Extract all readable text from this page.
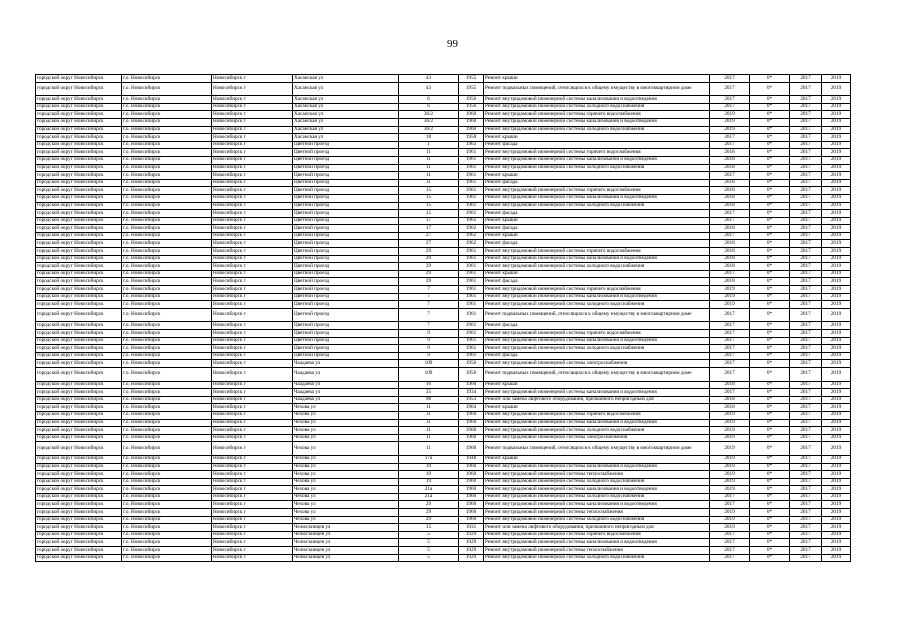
99
городской округ Новосибирск	г.о. Новосибирск	Новосибирск г	Хасанская ул	43	1955	Ремонт крыши	2017	0*	2017	2019
городской округ Новосибирск	г.о. Новосибирск	Новосибирск г	Хасанская ул	43	1955	Ремонт подвальных помещений, относящихся к общему имуществу в многоквартирном доме	2017	0*	2017	2019
городской округ Новосибирск	г.о. Новосибирск	Новосибирск г	Хасанская ул	6	1956	Ремонт внутридомовой инженерной системы канализования и водоотведения	2017	0*	2017	2019
городской округ Новосибирск	г.о. Новосибирск	Новосибирск г	Хасанская ул	6	1956	Ремонт внутридомовой инженерной системы холодного водоснабжения	2017	0*	2017	2019
городской округ Новосибирск	г.о. Новосибирск	Новосибирск г	Хасанская ул	36/2	1960	Ремонт внутридомовой инженерной системы горячего водоснабжения	2019	0*	2017	2019
городской округ Новосибирск	г.о. Новосибирск	Новосибирск г	Хасанская ул	36/2	1960	Ремонт внутридомовой инженерной системы канализования и водоотведения	2019	0*	2017	2019
городской округ Новосибирск	г.о. Новосибирск	Новосибирск г	Хасанская ул	36/2	1960	Ремонт внутридомовой инженерной системы холодного водоснабжения	2019	0*	2017	2019
городской округ Новосибирск	г.о. Новосибирск	Новосибирск г	Хасанская ул	18	1958	Ремонт крыши	2017	0*	2017	2019
городской округ Новосибирск	г.о. Новосибирск	Новосибирск г	Цветной проезд	1	1962	Ремонт фасада	2017	0*	2017	2019
городской округ Новосибирск	г.о. Новосибирск	Новосибирск г	Цветной проезд	11	1961	Ремонт внутридомовой инженерной системы горячего водоснабжения	2018	0*	2017	2019
городской округ Новосибирск	г.о. Новосибирск	Новосибирск г	Цветной проезд	11	1961	Ремонт внутридомовой инженерной системы канализования и водоотведения	2018	0*	2017	2019
городской округ Новосибирск	г.о. Новосибирск	Новосибирск г	Цветной проезд	11	1961	Ремонт внутридомовой инженерной системы холодного водоснабжения	2018	0*	2017	2019
городской округ Новосибирск	г.о. Новосибирск	Новосибирск г	Цветной проезд	11	1961	Ремонт крыши	2017	0*	2017	2019
городской округ Новосибирск	г.о. Новосибирск	Новосибирск г	Цветной проезд	11	1961	Ремонт фасада	2018	0*	2017	2019
городской округ Новосибирск	г.о. Новосибирск	Новосибирск г	Цветной проезд	15	1961	Ремонт внутридомовой инженерной системы горячего водоснабжения	2018	0*	2017	2019
городской округ Новосибирск	г.о. Новосибирск	Новосибирск г	Цветной проезд	15	1961	Ремонт внутридомовой инженерной системы канализования и водоотведения	2018	0*	2017	2019
городской округ Новосибирск	г.о. Новосибирск	Новосибирск г	Цветной проезд	15	1961	Ремонт внутридомовой инженерной системы холодного водоснабжения	2018	0*	2017	2019
городской округ Новосибирск	г.о. Новосибирск	Новосибирск г	Цветной проезд	15	1961	Ремонт фасада	2017	0*	2017	2019
городской округ Новосибирск	г.о. Новосибирск	Новосибирск г	Цветной проезд	17	1962	Ремонт крыши	2017	0*	2017	2019
городской округ Новосибирск	г.о. Новосибирск	Новосибирск г	Цветной проезд	17	1962	Ремонт фасада	2018	0*	2017	2019
городской округ Новосибирск	г.о. Новосибирск	Новосибирск г	Цветной проезд	27	1962	Ремонт крыши	2017	0*	2017	2019
городской округ Новосибирск	г.о. Новосибирск	Новосибирск г	Цветной проезд	27	1962	Ремонт фасада	2018	0*	2017	2019
городской округ Новосибирск	г.о. Новосибирск	Новосибирск г	Цветной проезд	29	1961	Ремонт внутридомовой инженерной системы горячего водоснабжения	2018	0*	2017	2019
городской округ Новосибирск	г.о. Новосибирск	Новосибирск г	Цветной проезд	29	1961	Ремонт внутридомовой инженерной системы канализования и водоотведения	2018	0*	2017	2019
городской округ Новосибирск	г.о. Новосибирск	Новосибирск г	Цветной проезд	29	1961	Ремонт внутридомовой инженерной системы холодного водоснабжения	2018	0*	2017	2019
городской округ Новосибирск	г.о. Новосибирск	Новосибирск г	Цветной проезд	29	1961	Ремонт крыши	2017	0*	2017	2019
городской округ Новосибирск	г.о. Новосибирск	Новосибирск г	Цветной проезд	29	1961	Ремонт фасада	2018	0*	2017	2019
городской округ Новосибирск	г.о. Новосибирск	Новосибирск г	Цветной проезд	7	1961	Ремонт внутридомовой инженерной системы горячего водоснабжения	2019	0*	2017	2019
городской округ Новосибирск	г.о. Новосибирск	Новосибирск г	Цветной проезд	7	1961	Ремонт внутридомовой инженерной системы канализования и водоотведения	2019	0*	2017	2019
городской округ Новосибирск	г.о. Новосибирск	Новосибирск г	Цветной проезд	7	1961	Ремонт внутридомовой инженерной системы холодного водоснабжения	2019	0*	2017	2019
городской округ Новосибирск	г.о. Новосибирск	Новосибирск г	Цветной проезд	7	1961	Ремонт подвальных помещений, относящихся к общему имуществу в многоквартирном доме	2017	0*	2017	2019
городской округ Новосибирск	г.о. Новосибирск	Новосибирск г	Цветной проезд	7	1961	Ремонт фасада	2017	0*	2017	2019
городской округ Новосибирск	г.о. Новосибирск	Новосибирск г	Цветной проезд	9	1961	Ремонт внутридомовой инженерной системы горячего водоснабжения	2017	0*	2017	2019
городской округ Новосибирск	г.о. Новосибирск	Новосибирск г	Цветной проезд	9	1961	Ремонт внутридомовой инженерной системы канализования и водоотведения	2017	0*	2017	2019
городской округ Новосибирск	г.о. Новосибирск	Новосибирск г	Цветной проезд	9	1961	Ремонт внутридомовой инженерной системы холодного водоснабжения	2017	0*	2017	2019
городской округ Новосибирск	г.о. Новосибирск	Новосибирск г	Цветной проезд	9	1961	Ремонт фасада	2017	0*	2017	2019
городской округ Новосибирск	г.о. Новосибирск	Новосибирск г	Чаадаева ул	109	1956	Ремонт внутридомовой инженерной системы электроснабжения	2017	0*	2017	2019
городской округ Новосибирск	г.о. Новосибирск	Новосибирск г	Чаадаева ул	109	1956	Ремонт подвальных помещений, относящихся к общему имуществу в многоквартирном доме	2017	0*	2017	2019
городской округ Новосибирск	г.о. Новосибирск	Новосибирск г	Чаадаева ул	16	1960	Ремонт крыши	2018	0*	2017	2019
городской округ Новосибирск	г.о. Новосибирск	Новосибирск г	Чаадаева ул	35	1934	Ремонт внутридомовой инженерной системы канализования и водоотведения	2017	0*	2017	2019
городской округ Новосибирск	г.о. Новосибирск	Новосибирск г	Чаадаева ул	98	1953	Ремонт или замена лифтового оборудования, признанного непригодным для	2018	0*	2017	2019
городской округ Новосибирск	г.о. Новосибирск	Новосибирск г	Чехова ул	11	1964	Ремонт крыши	2018	0*	2017	2019
городской округ Новосибирск	г.о. Новосибирск	Новосибирск г	Чехова ул	11	1960	Ремонт внутридомовой инженерной системы горячего водоснабжения	2019	0*	2017	2019
городской округ Новосибирск	г.о. Новосибирск	Новосибирск г	Чехова ул	11	1960	Ремонт внутридомовой инженерной системы канализования и водоотведения	2019	0*	2017	2019
городской округ Новосибирск	г.о. Новосибирск	Новосибирск г	Чехова ул	11	1960	Ремонт внутридомовой инженерной системы холодного водоснабжения	2019	0*	2017	2019
городской округ Новосибирск	г.о. Новосибирск	Новосибирск г	Чехова ул	11	1960	Ремонт внутридомовой инженерной системы электроснабжения	2019	0*	2017	2019
городской округ Новосибирск	г.о. Новосибирск	Новосибирск г	Чехова ул	11	1960	Ремонт подвальных помещений, относящихся к общему имуществу в многоквартирном доме	2019	0*	2017	2019
городской округ Новосибирск	г.о. Новосибирск	Новосибирск г	Чехова ул	17а	1948	Ремонт крыши	2019	0*	2017	2019
городской округ Новосибирск	г.о. Новосибирск	Новосибирск г	Чехова ул	19	1960	Ремонт внутридомовой инженерной системы канализования и водоотведения	2019	0*	2017	2019
городской округ Новосибирск	г.о. Новосибирск	Новосибирск г	Чехова ул	19	1960	Ремонт внутридомовой инженерной системы теплоснабжения	2019	0*	2017	2019
городской округ Новосибирск	г.о. Новосибирск	Новосибирск г	Чехова ул	19	1960	Ремонт внутридомовой инженерной системы холодного водоснабжения	2019	0*	2017	2019
городской округ Новосибирск	г.о. Новосибирск	Новосибирск г	Чехова ул	21а	1960	Ремонт внутридомовой инженерной системы канализования и водоотведения	2019	0*	2017	2019
городской округ Новосибирск	г.о. Новосибирск	Новосибирск г	Чехова ул	21а	1960	Ремонт внутридомовой инженерной системы холодного водоснабжения	2017	0*	2017	2019
городской округ Новосибирск	г.о. Новосибирск	Новосибирск г	Чехова ул	29	1960	Ремонт внутридомовой инженерной системы канализования и водоотведения	2017	0*	2017	2019
городской округ Новосибирск	г.о. Новосибирск	Новосибирск г	Чехова ул	29	1960	Ремонт внутридомовой инженерной системы теплоснабжения	2019	0*	2017	2019
городской округ Новосибирск	г.о. Новосибирск	Новосибирск г	Чехова ул	29	1960	Ремонт внутридомовой инженерной системы холодного водоснабжения	2019	0*	2017	2019
городской округ Новосибирск	г.о. Новосибирск	Новосибирск г	Челюскинцев ул	15	1931	Ремонт или замена лифтового оборудования, признанного непригодным для	2019	0*	2017	2019
городской округ Новосибирск	г.о. Новосибирск	Новосибирск г	Челюскинцев ул	5	1929	Ремонт внутридомовой инженерной системы горячего водоснабжения	2017	0*	2017	2019
городской округ Новосибирск	г.о. Новосибирск	Новосибирск г	Челюскинцев ул	5	1929	Ремонт внутридомовой инженерной системы канализования и водоотведения	2017	0*	2017	2019
городской округ Новосибирск	г.о. Новосибирск	Новосибирск г	Челюскинцев ул	5	1929	Ремонт внутридомовой инженерной системы теплоснабжения	2017	0*	2017	2019
городской округ Новосибирск	г.о. Новосибирск	Новосибирск г	Челюскинцев ул	5	1929	Ремонт внутридомовой инженерной системы холодного водоснабжения	2017	0*	2017	2019
